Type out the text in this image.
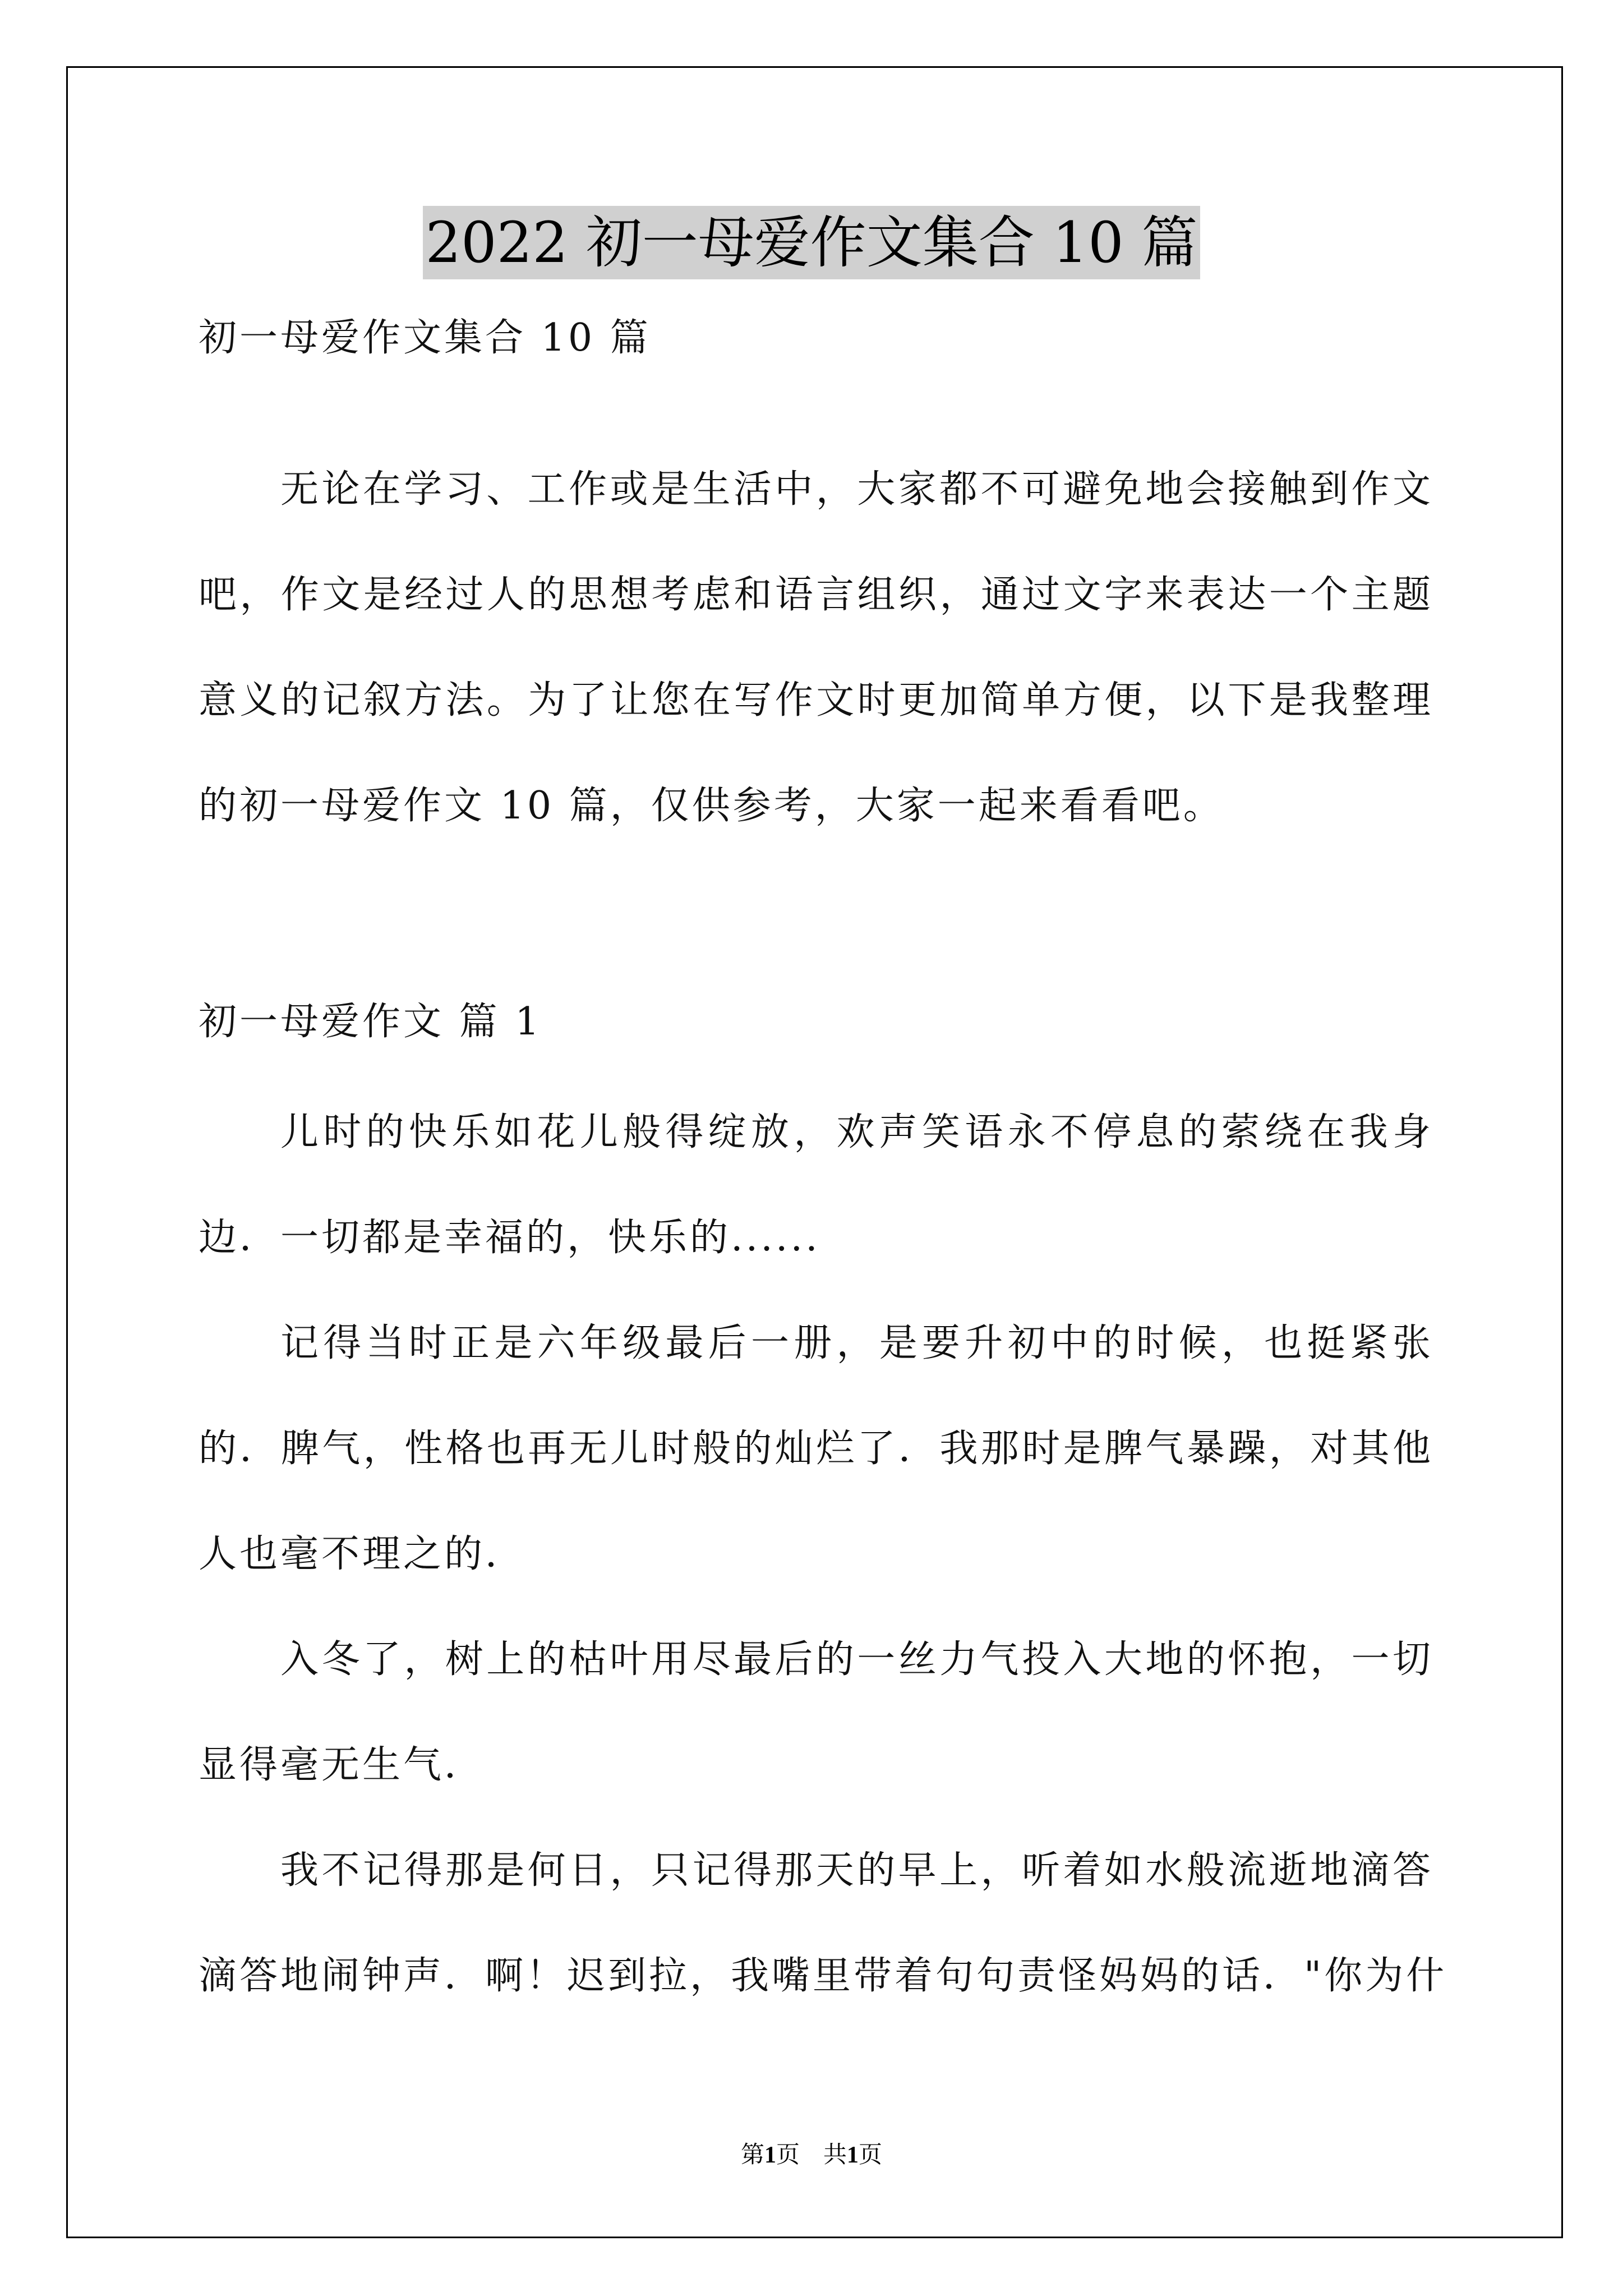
2022 初一母爱作文集合 10 篇
初一母爱作文集合 10 篇
无论在学习、工作或是生活中，大家都不可避免地会接触到作文
吧，作文是经过人的思想考虑和语言组织，通过文字来表达一个主题
意义的记叙方法。为了让您在写作文时更加简单方便，以下是我整理
的初一母爱作文 10 篇，仅供参考，大家一起来看看吧。
初一母爱作文 篇 1
儿时的快乐如花儿般得绽放，欢声笑语永不停息的萦绕在我身
边．一切都是幸福的，快乐的......
记得当时正是六年级最后一册，是要升初中的时候，也挺紧张
的．脾气，性格也再无儿时般的灿烂了．我那时是脾气暴躁，对其他
人也毫不理之的．
入冬了，树上的枯叶用尽最后的一丝力气投入大地的怀抱，一切
显得毫无生气．
我不记得那是何日，只记得那天的早上，听着如水般流逝地滴答
滴答地闹钟声．啊！迟到拉，我嘴里带着句句责怪妈妈的话．"你为什
第1页 共1页
